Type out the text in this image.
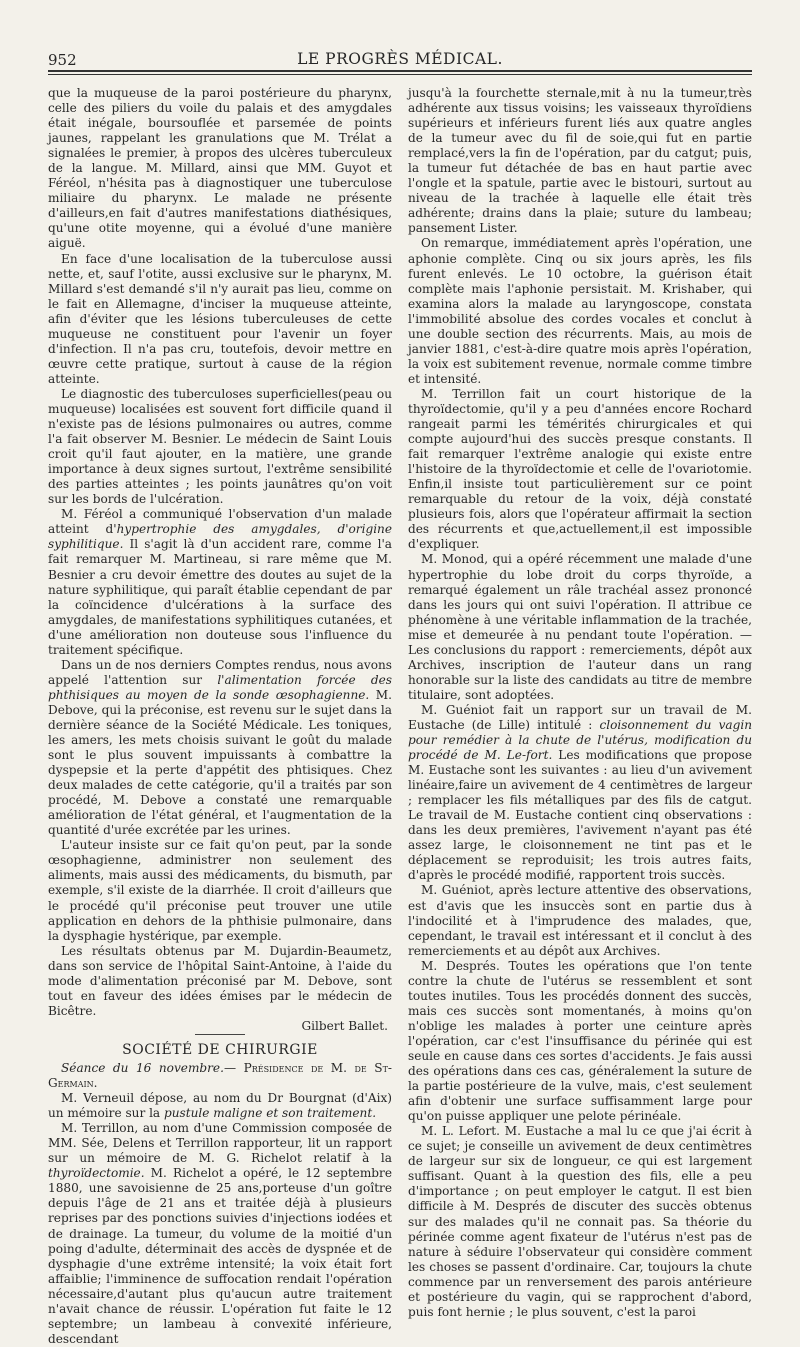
952	LE PROGRÈS MÉDICAL.

que la muqueuse de la paroi postérieure du pharynx, celle des piliers du voile du palais et des amygdales était inégale, boursouflée et parsemée de points jaunes, rappelant les granulations que M. Trélat a signalées le premier, à propos des ulcères tuberculeux de la langue. M. Millard, ainsi que MM. Guyot et Féréol, n'hésita pas à diagnostiquer une tuberculose miliaire du pharynx. Le malade ne présente d'ailleurs,en fait d'autres manifestations diathésiques, qu'une otite moyenne, qui a évolué d'une manière aiguë.

En face d'une localisation de la tuberculose aussi nette, et, sauf l'otite, aussi exclusive sur le pharynx, M. Millard s'est demandé s'il n'y aurait pas lieu, comme on le fait en Allemagne, d'inciser la muqueuse atteinte, afin d'éviter que les lésions tuberculeuses de cette muqueuse ne constituent pour l'avenir un foyer d'infection. Il n'a pas cru, toutefois, devoir mettre en œuvre cette pratique, surtout à cause de la région atteinte.

Le diagnostic des tuberculoses superficielles(peau ou muqueuse) localisées est souvent fort difficile quand il n'existe pas de lésions pulmonaires ou autres, comme l'a fait observer M. Besnier. Le médecin de Saint Louis croit qu'il faut ajouter, en la matière, une grande importance à deux signes surtout, l'extrême sensibilité des parties atteintes ; les points jaunâtres qu'on voit sur les bords de l'ulcération.

M. Féréol a communiqué l'observation d'un malade atteint d'hypertrophie des amygdales, d'origine syphilitique. Il s'agit là d'un accident rare, comme l'a fait remarquer M. Martineau, si rare même que M. Besnier a cru devoir émettre des doutes au sujet de la nature syphilitique, qui paraît établie cependant de par la coïncidence d'ulcérations à la surface des amygdales, de manifestations syphilitiques cutanées, et d'une amélioration non douteuse sous l'influence du traitement spécifique.

Dans un de nos derniers Comptes rendus, nous avons appelé l'attention sur l'alimentation forcée des phthisiques au moyen de la sonde œsophagienne. M. Debove, qui la préconise, est revenu sur le sujet dans la dernière séance de la Société Médicale. Les toniques, les amers, les mets choisis suivant le goût du malade sont le plus souvent impuissants à combattre la dyspepsie et la perte d'appétit des phtisiques. Chez deux malades de cette catégorie, qu'il a traités par son procédé, M. Debove a constaté une remarquable amélioration de l'état général, et l'augmentation de la quantité d'urée excrétée par les urines.

L'auteur insiste sur ce fait qu'on peut, par la sonde œsophagienne, administrer non seulement des aliments, mais aussi des médicaments, du bismuth, par exemple, s'il existe de la diarrhée. Il croit d'ailleurs que le procédé qu'il préconise peut trouver une utile application en dehors de la phthisie pulmonaire, dans la dysphagie hystérique, par exemple.

Les résultats obtenus par M. Dujardin-Beaumetz, dans son service de l'hôpital Saint-Antoine, à l'aide du mode d'alimentation préconisé par M. Debove, sont tout en faveur des idées émises par le médecin de Bicêtre.

Gilbert Ballet.

SOCIÉTÉ DE CHIRURGIE

Séance du 16 novembre.— Présidence de M. de St-Germain.

M. Verneuil dépose, au nom du Dr Bourgnat (d'Aix) un mémoire sur la pustule maligne et son traitement.

M. Terrillon, au nom d'une Commission composée de MM. Sée, Delens et Terrillon rapporteur, lit un rapport sur un mémoire de M. G. Richelot relatif à la thyroïdectomie. M. Richelot a opéré, le 12 septembre 1880, une savoisienne de 25 ans,porteuse d'un goître depuis l'âge de 21 ans et traitée déjà à plusieurs reprises par des ponctions suivies d'injections iodées et de drainage. La tumeur, du volume de la moitié d'un poing d'adulte, déterminait des accès de dyspnée et de dysphagie d'une extrême intensité; la voix était fort affaiblie; l'imminence de suffocation rendait l'opération nécessaire,d'autant plus qu'aucun autre traitement n'avait chance de réussir. L'opération fut faite le 12 septembre; un lambeau à convexité inférieure, descendant

jusqu'à la fourchette sternale,mit à nu la tumeur,très adhérente aux tissus voisins; les vaisseaux thyroïdiens supérieurs et inférieurs furent liés aux quatre angles de la tumeur avec du fil de soie,qui fut en partie remplacé,vers la fin de l'opération, par du catgut; puis, la tumeur fut détachée de bas en haut partie avec l'ongle et la spatule, partie avec le bistouri, surtout au niveau de la trachée à laquelle elle était très adhérente; drains dans la plaie; suture du lambeau; pansement Lister.

On remarque, immédiatement après l'opération, une aphonie complète. Cinq ou six jours après, les fils furent enlevés. Le 10 octobre, la guérison était complète mais l'aphonie persistait. M. Krishaber, qui examina alors la malade au laryngoscope, constata l'immobilité absolue des cordes vocales et conclut à une double section des récurrents. Mais, au mois de janvier 1881, c'est-à-dire quatre mois après l'opération, la voix est subitement revenue, normale comme timbre et intensité.

M. Terrillon fait un court historique de la thyroïdectomie, qu'il y a peu d'années encore Rochard rangeait parmi les témérités chirurgicales et qui compte aujourd'hui des succès presque constants. Il fait remarquer l'extrême analogie qui existe entre l'histoire de la thyroïdectomie et celle de l'ovariotomie. Enfin,il insiste tout particulièrement sur ce point remarquable du retour de la voix, déjà constaté plusieurs fois, alors que l'opérateur affirmait la section des récurrents et que,actuellement,il est impossible d'expliquer.

M. Monod, qui a opéré récemment une malade d'une hypertrophie du lobe droit du corps thyroïde, a remarqué également un râle trachéal assez prononcé dans les jours qui ont suivi l'opération. Il attribue ce phénomène à une véritable inflammation de la trachée, mise et demeurée à nu pendant toute l'opération. — Les conclusions du rapport : remerciements, dépôt aux Archives, inscription de l'auteur dans un rang honorable sur la liste des candidats au titre de membre titulaire, sont adoptées.

M. Guéniot fait un rapport sur un travail de M. Eustache (de Lille) intitulé : cloisonnement du vagin pour remédier à la chute de l'utérus, modification du procédé de M. Le-fort. Les modifications que propose M. Eustache sont les suivantes : au lieu d'un avivement linéaire,faire un avivement de 4 centimètres de largeur ; remplacer les fils métalliques par des fils de catgut. Le travail de M. Eustache contient cinq observations : dans les deux premières, l'avivement n'ayant pas été assez large, le cloisonnement ne tint pas et le déplacement se reproduisit; les trois autres faits, d'après le procédé modifié, rapportent trois succès.

M. Guéniot, après lecture attentive des observations, est d'avis que les insuccès sont en partie dus à l'indocilité et à l'imprudence des malades, que, cependant, le travail est intéressant et il conclut à des remerciements et au dépôt aux Archives.

M. Després. Toutes les opérations que l'on tente contre la chute de l'utérus se ressemblent et sont toutes inutiles. Tous les procédés donnent des succès, mais ces succès sont momentanés, à moins qu'on n'oblige les malades à porter une ceinture après l'opération, car c'est l'insuffisance du périnée qui est seule en cause dans ces sortes d'accidents. Je fais aussi des opérations dans ces cas, généralement la suture de la partie postérieure de la vulve, mais, c'est seulement afin d'obtenir une surface suffisamment large pour qu'on puisse appliquer une pelote périnéale.

M. L. Lefort. M. Eustache a mal lu ce que j'ai écrit à ce sujet; je conseille un avivement de deux centimètres de largeur sur six de longueur, ce qui est largement suffisant. Quant à la question des fils, elle a peu d'importance ; on peut employer le catgut. Il est bien difficile à M. Després de discuter des succès obtenus sur des malades qu'il ne connait pas. Sa théorie du périnée comme agent fixateur de l'utérus n'est pas de nature à séduire l'observateur qui considère comment les choses se passent d'ordinaire. Car, toujours la chute commence par un renversement des parois antérieure et postérieure du vagin, qui se rapprochent d'abord, puis font hernie ; le plus souvent, c'est la paroi
